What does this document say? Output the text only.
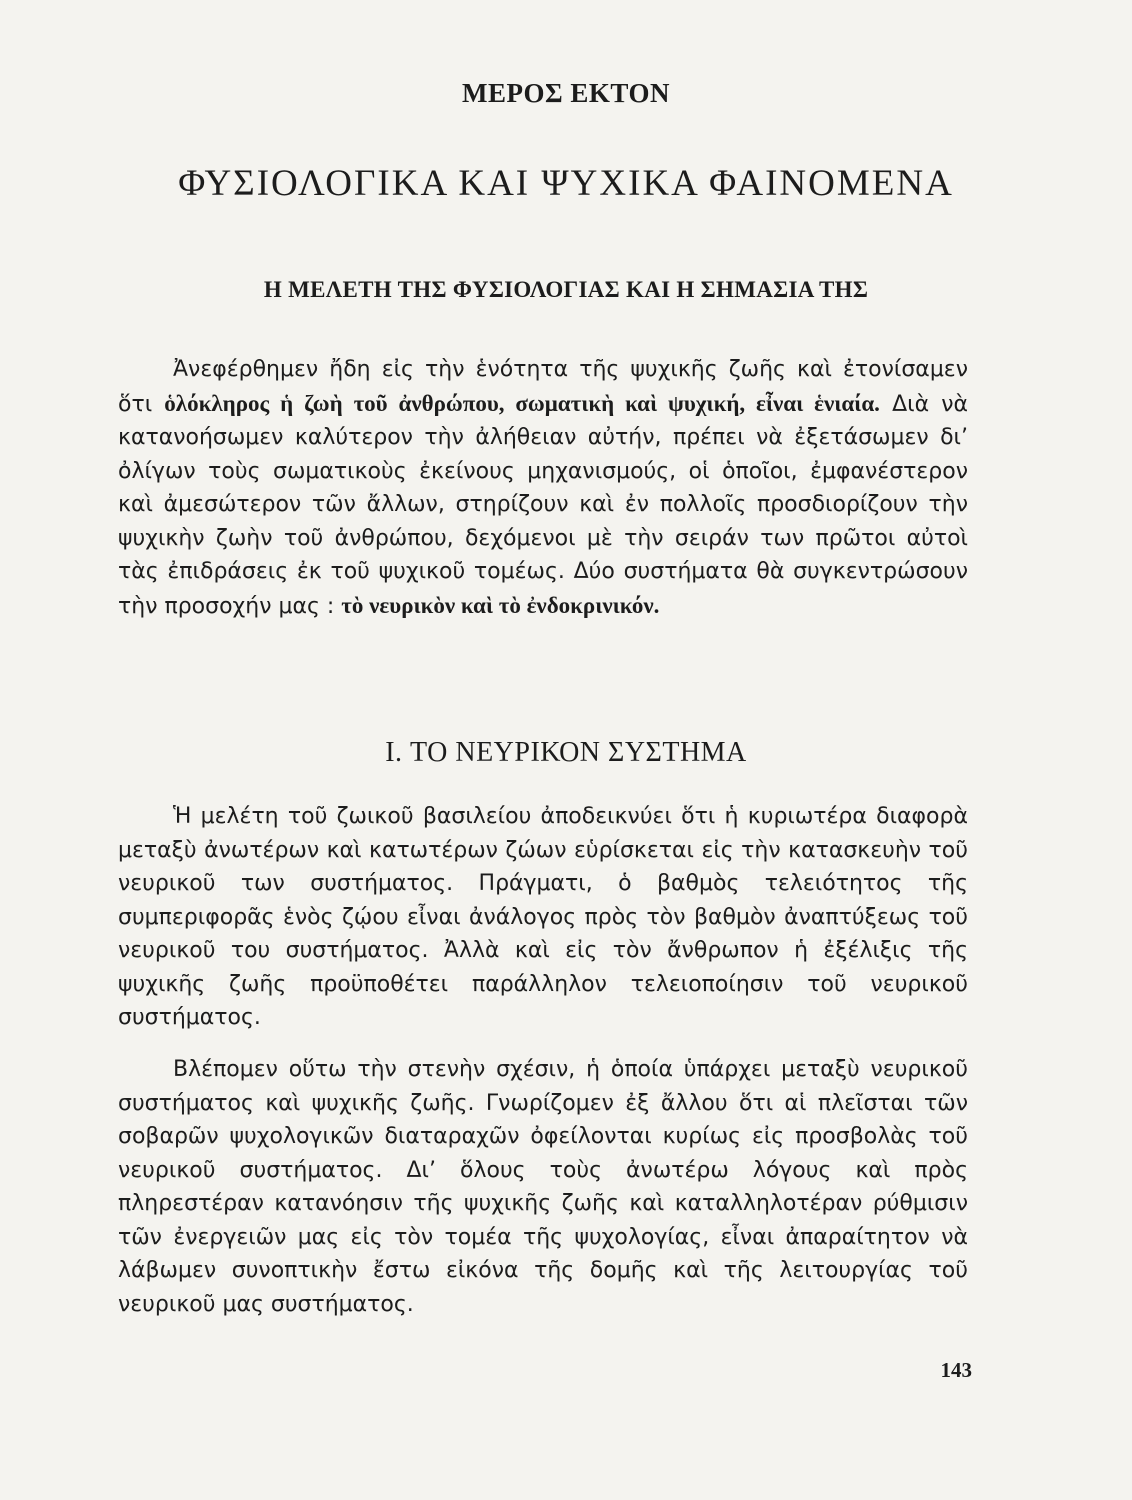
ΜΕΡΟΣ ΕΚΤΟΝ
ΦΥΣΙΟΛΟΓΙΚΑ ΚΑΙ ΨΥΧΙΚΑ ΦΑΙΝΟΜΕΝΑ
Η ΜΕΛΕΤΗ ΤΗΣ ΦΥΣΙΟΛΟΓΙΑΣ ΚΑΙ Η ΣΗΜΑΣΙΑ ΤΗΣ

Ἀνεφέρθημεν ἤδη εἰς τὴν ἑνότητα τῆς ψυχικῆς ζωῆς καὶ ἐτονίσαμεν ὅτι ὁλόκληρος ἡ ζωὴ τοῦ ἀνθρώπου, σωματικὴ καὶ ψυχική, εἶναι ἑνιαία. Διὰ νὰ κατανοήσωμεν καλύτερον τὴν ἀλήθειαν αὐτήν, πρέπει νὰ ἐξετάσωμεν δι’ ὀλίγων τοὺς σωματικοὺς ἐκείνους μηχανισμούς, οἱ ὁποῖοι, ἐμφανέστερον καὶ ἀμεσώτερον τῶν ἄλλων, στηρίζουν καὶ ἐν πολλοῖς προσδιορίζουν τὴν ψυχικὴν ζωὴν τοῦ ἀνθρώπου, δεχόμενοι μὲ τὴν σειράν των πρῶτοι αὐτοὶ τὰς ἐπιδράσεις ἐκ τοῦ ψυχικοῦ τομέως. Δύο συστήματα θὰ συγκεντρώσουν τὴν προσοχήν μας : τὸ νευρικὸν καὶ τὸ ἐνδοκρινικόν.

I. ΤΟ ΝΕΥΡΙΚΟΝ ΣΥΣΤΗΜΑ

Ἡ μελέτη τοῦ ζωικοῦ βασιλείου ἀποδεικνύει ὅτι ἡ κυριωτέρα διαφορὰ μεταξὺ ἀνωτέρων καὶ κατωτέρων ζώων εὑρίσκεται εἰς τὴν κατασκευὴν τοῦ νευρικοῦ των συστήματος. Πράγματι, ὁ βαθμὸς τελειότητος τῆς συμπεριφορᾶς ἑνὸς ζῴου εἶναι ἀνάλογος πρὸς τὸν βαθμὸν ἀναπτύξεως τοῦ νευρικοῦ του συστήματος. Ἀλλὰ καὶ εἰς τὸν ἄνθρωπον ἡ ἐξέλιξις τῆς ψυχικῆς ζωῆς προϋποθέτει παράλληλον τελειοποίησιν τοῦ νευρικοῦ συστήματος.

Βλέπομεν οὕτω τὴν στενὴν σχέσιν, ἡ ὁποία ὑπάρχει μεταξὺ νευρικοῦ συστήματος καὶ ψυχικῆς ζωῆς. Γνωρίζομεν ἐξ ἄλλου ὅτι αἱ πλεῖσται τῶν σοβαρῶν ψυχολογικῶν διαταραχῶν ὀφείλονται κυρίως εἰς προσβολὰς τοῦ νευρικοῦ συστήματος. Δι’ ὅλους τοὺς ἀνωτέρω λόγους καὶ πρὸς πληρεστέραν κατανόησιν τῆς ψυχικῆς ζωῆς καὶ καταλληλοτέραν ρύθμισιν τῶν ἐνεργειῶν μας εἰς τὸν τομέα τῆς ψυχολογίας, εἶναι ἀπαραίτητον νὰ λάβωμεν συνοπτικὴν ἔστω εἰκόνα τῆς δομῆς καὶ τῆς λειτουργίας τοῦ νευρικοῦ μας συστήματος.

143
